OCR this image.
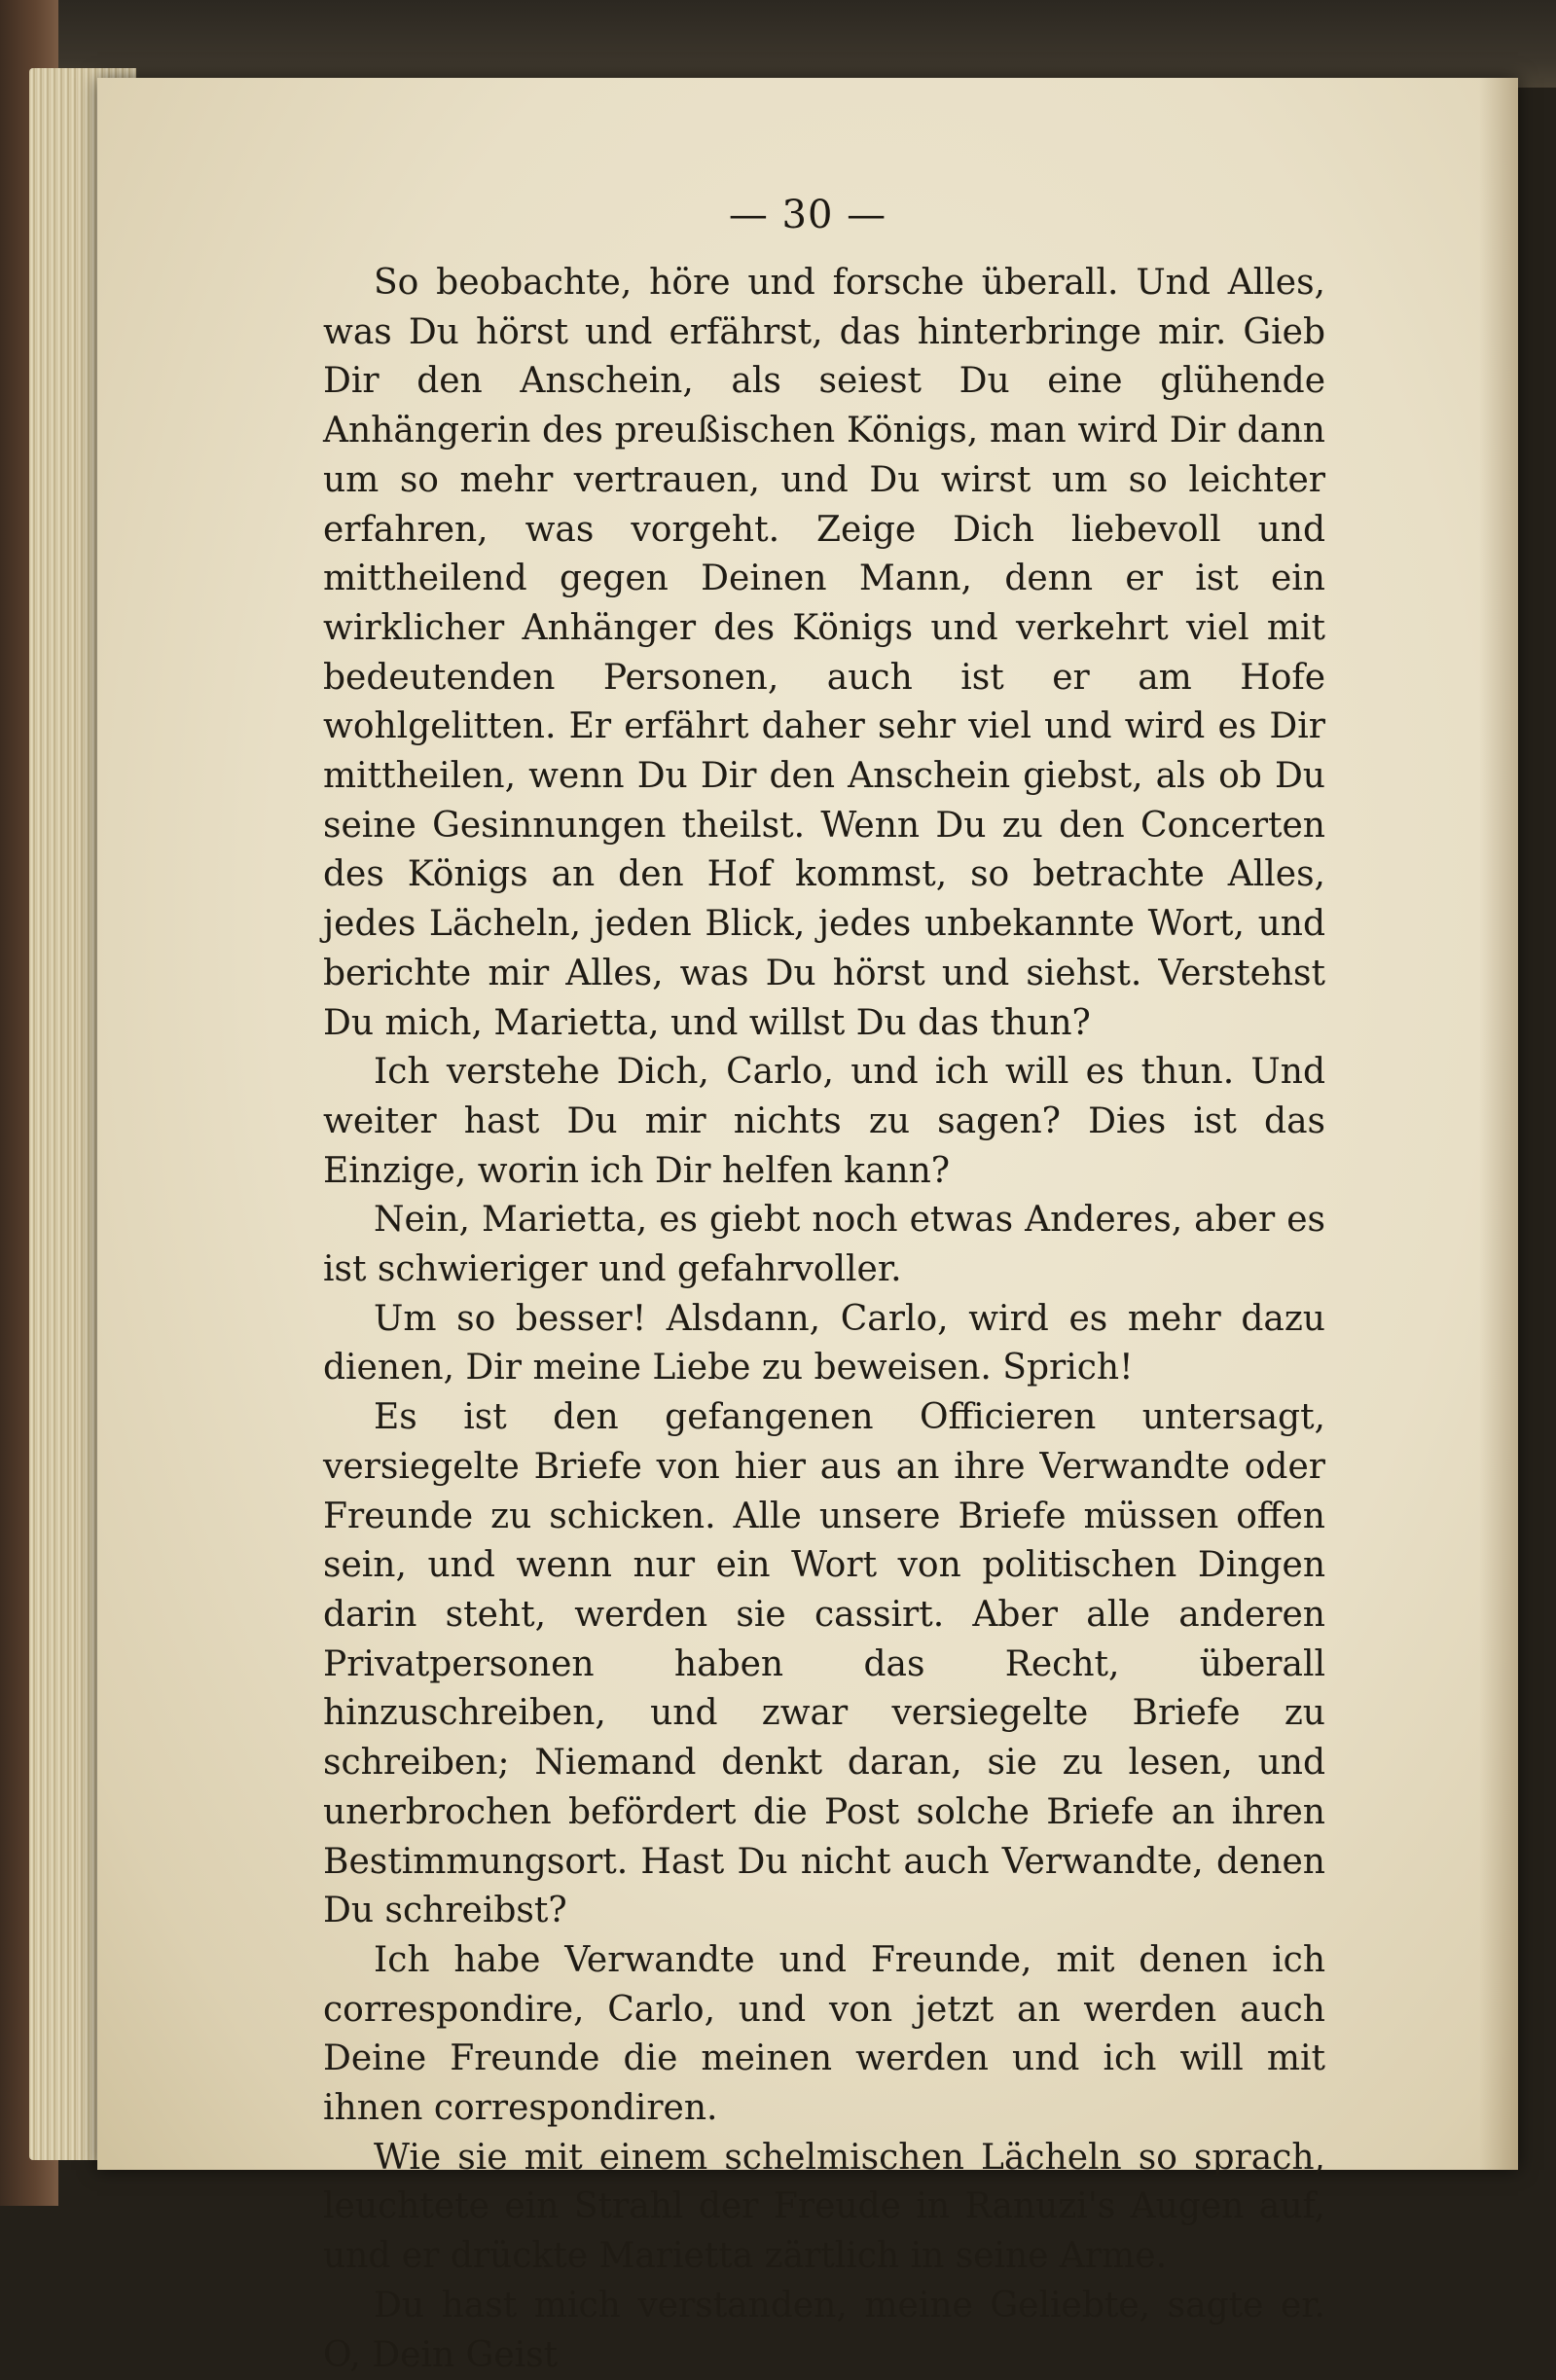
— 30 —

So beobachte, höre und forsche überall. Und Alles, was Du hörst und erfährst, das hinterbringe mir. Gieb Dir den Anschein, als seiest Du eine glühende Anhängerin des preußischen Königs, man wird Dir dann um so mehr vertrauen, und Du wirst um so leichter erfahren, was vorgeht. Zeige Dich liebevoll und mittheilend gegen Deinen Mann, denn er ist ein wirklicher Anhänger des Königs und verkehrt viel mit bedeutenden Personen, auch ist er am Hofe wohlgelitten. Er erfährt daher sehr viel und wird es Dir mittheilen, wenn Du Dir den Anschein giebst, als ob Du seine Gesinnungen theilst. Wenn Du zu den Concerten des Königs an den Hof kommst, so betrachte Alles, jedes Lächeln, jeden Blick, jedes unbekannte Wort, und berichte mir Alles, was Du hörst und siehst. Verstehst Du mich, Marietta, und willst Du das thun?

Ich verstehe Dich, Carlo, und ich will es thun. Und weiter hast Du mir nichts zu sagen? Dies ist das Einzige, worin ich Dir helfen kann?

Nein, Marietta, es giebt noch etwas Anderes, aber es ist schwieriger und gefahrvoller.

Um so besser! Alsdann, Carlo, wird es mehr dazu dienen, Dir meine Liebe zu beweisen. Sprich!

Es ist den gefangenen Officieren untersagt, versiegelte Briefe von hier aus an ihre Verwandte oder Freunde zu schicken. Alle unsere Briefe müssen offen sein, und wenn nur ein Wort von politischen Dingen darin steht, werden sie cassirt. Aber alle anderen Privatpersonen haben das Recht, überall hinzuschreiben, und zwar versiegelte Briefe zu schreiben; Niemand denkt daran, sie zu lesen, und unerbrochen befördert die Post solche Briefe an ihren Bestimmungsort. Hast Du nicht auch Verwandte, denen Du schreibst?

Ich habe Verwandte und Freunde, mit denen ich correspondire, Carlo, und von jetzt an werden auch Deine Freunde die meinen werden und ich will mit ihnen correspondiren.

Wie sie mit einem schelmischen Lächeln so sprach, leuchtete ein Strahl der Freude in Ranuzi's Augen auf, und er drückte Marietta zärtlich in seine Arme.

Du hast mich verstanden, meine Geliebte, sagte er. O, Dein Geist
